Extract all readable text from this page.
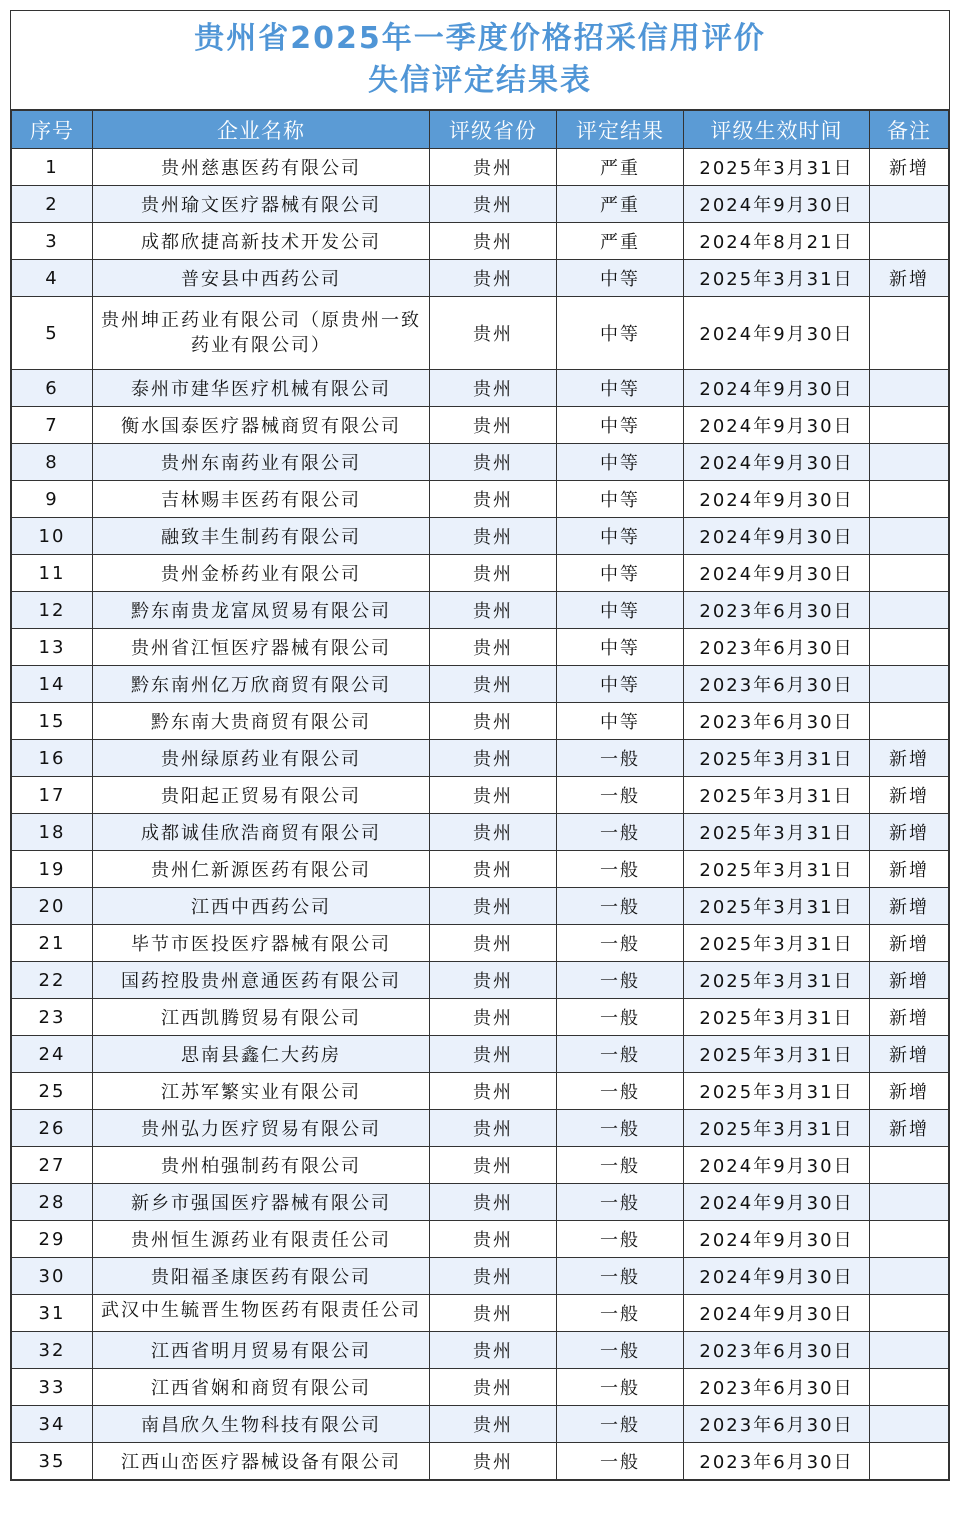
贵州省2025年一季度价格招采信用评价
失信评定结果表
序号	企业名称	评级省份	评定结果	评级生效时间	备注
1	贵州慈惠医药有限公司	贵州	严重	2025年3月31日	新增
2	贵州瑜文医疗器械有限公司	贵州	严重	2024年9月30日	
3	成都欣捷高新技术开发公司	贵州	严重	2024年8月21日	
4	普安县中西药公司	贵州	中等	2025年3月31日	新增
5	贵州坤正药业有限公司（原贵州一致药业有限公司）	贵州	中等	2024年9月30日	
6	泰州市建华医疗机械有限公司	贵州	中等	2024年9月30日	
7	衡水国泰医疗器械商贸有限公司	贵州	中等	2024年9月30日	
8	贵州东南药业有限公司	贵州	中等	2024年9月30日	
9	吉林赐丰医药有限公司	贵州	中等	2024年9月30日	
10	融致丰生制药有限公司	贵州	中等	2024年9月30日	
11	贵州金桥药业有限公司	贵州	中等	2024年9月30日	
12	黔东南贵龙富凤贸易有限公司	贵州	中等	2023年6月30日	
13	贵州省江恒医疗器械有限公司	贵州	中等	2023年6月30日	
14	黔东南州亿万欣商贸有限公司	贵州	中等	2023年6月30日	
15	黔东南大贵商贸有限公司	贵州	中等	2023年6月30日	
16	贵州绿原药业有限公司	贵州	一般	2025年3月31日	新增
17	贵阳起正贸易有限公司	贵州	一般	2025年3月31日	新增
18	成都诚佳欣浩商贸有限公司	贵州	一般	2025年3月31日	新增
19	贵州仁新源医药有限公司	贵州	一般	2025年3月31日	新增
20	江西中西药公司	贵州	一般	2025年3月31日	新增
21	毕节市医投医疗器械有限公司	贵州	一般	2025年3月31日	新增
22	国药控股贵州意通医药有限公司	贵州	一般	2025年3月31日	新增
23	江西凯腾贸易有限公司	贵州	一般	2025年3月31日	新增
24	思南县鑫仁大药房	贵州	一般	2025年3月31日	新增
25	江苏军繁实业有限公司	贵州	一般	2025年3月31日	新增
26	贵州弘力医疗贸易有限公司	贵州	一般	2025年3月31日	新增
27	贵州柏强制药有限公司	贵州	一般	2024年9月30日	
28	新乡市强国医疗器械有限公司	贵州	一般	2024年9月30日	
29	贵州恒生源药业有限责任公司	贵州	一般	2024年9月30日	
30	贵阳福圣康医药有限公司	贵州	一般	2024年9月30日	
31	武汉中生毓晋生物医药有限责任公司	贵州	一般	2024年9月30日	
32	江西省明月贸易有限公司	贵州	一般	2023年6月30日	
33	江西省娴和商贸有限公司	贵州	一般	2023年6月30日	
34	南昌欣久生物科技有限公司	贵州	一般	2023年6月30日	
35	江西山峦医疗器械设备有限公司	贵州	一般	2023年6月30日	
